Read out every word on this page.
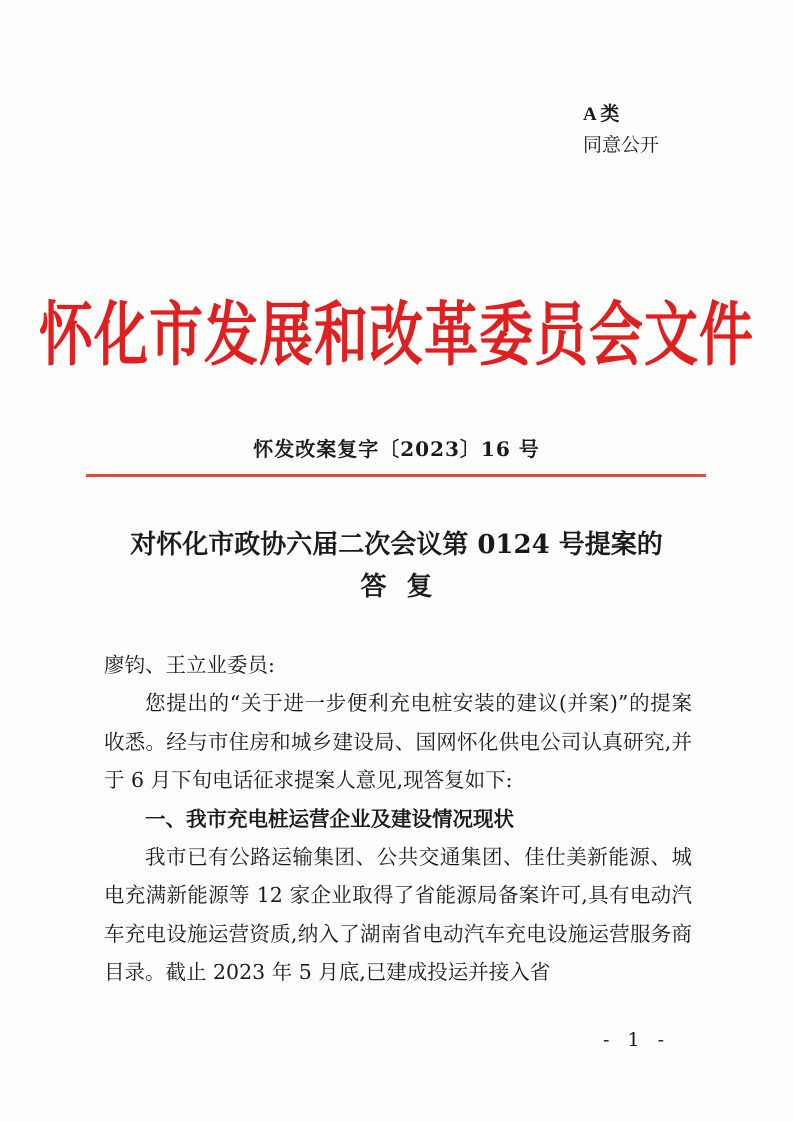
A 类
同意公开
怀化市发展和改革委员会文件
怀发改案复字〔2023〕16 号
对怀化市政协六届二次会议第 0124 号提案的
答复

廖钧、王立业委员:

您提出的“关于进一步便利充电桩安装的建议(并案)”的提案收悉。经与市住房和城乡建设局、国网怀化供电公司认真研究,并于 6 月下旬电话征求提案人意见,现答复如下:

一、我市充电桩运营企业及建设情况现状

我市已有公路运输集团、公共交通集团、佳仕美新能源、城电充满新能源等 12 家企业取得了省能源局备案许可,具有电动汽车充电设施运营资质,纳入了湖南省电动汽车充电设施运营服务商目录。截止 2023 年 5 月底,已建成投运并接入省

- 1 -
